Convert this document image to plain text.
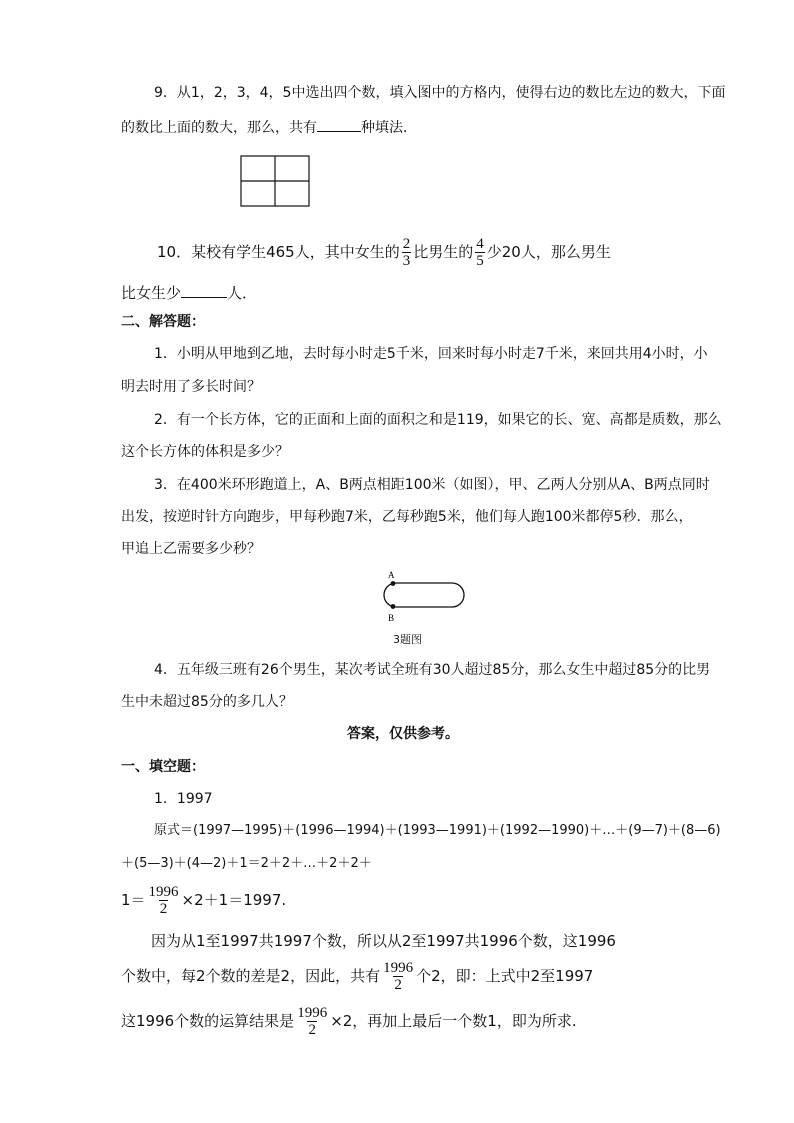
9．从1，2，3，4，5中选出四个数，填入图中的方格内，使得右边的数比左边的数大，下面
的数比上面的数大，那么，共有	种填法．
10．某校有学生465人，其中女生的 $\frac{2}{3}$ 比男生的 $\frac{4}{5}$ 少20人，那么男生
比女生少	人．
二、解答题：
1．小明从甲地到乙地，去时每小时走5千米，回来时每小时走7千米，来回共用4小时，小
明去时用了多长时间？
2．有一个长方体，它的正面和上面的面积之和是119，如果它的长、宽、高都是质数，那么
这个长方体的体积是多少？
3．在400米环形跑道上，A、B两点相距100米（如图），甲、乙两人分别从A、B两点同时
出发，按逆时针方向跑步，甲每秒跑7米，乙每秒跑5米，他们每人跑100米都停5秒．那么，
甲追上乙需要多少秒？
A
B
3题图
4．五年级三班有26个男生，某次考试全班有30人超过85分，那么女生中超过85分的比男
生中未超过85分的多几人？
答案，仅供参考。
一、填空题：
1．1997
原式＝(1997—1995)＋(1996—1994)＋(1993—1991)＋(1992—1990)＋…＋(9—7)＋(8—6)
＋(5—3)＋(4—2)＋1＝2＋2＋…＋2＋2＋
$1= \frac{1996}{2} \times 2+1=1997$.
因为从1至1997共1997个数，所以从2至1997共1996个数，这1996
个数中，每2个数的差是2，因此，共有 $\frac{1996}{2}$ 个2，即：上式中2至1997
这1996个数的运算结果是 $\frac{1996}{2} \times 2$，再加上最后一个数1，即为所求.
